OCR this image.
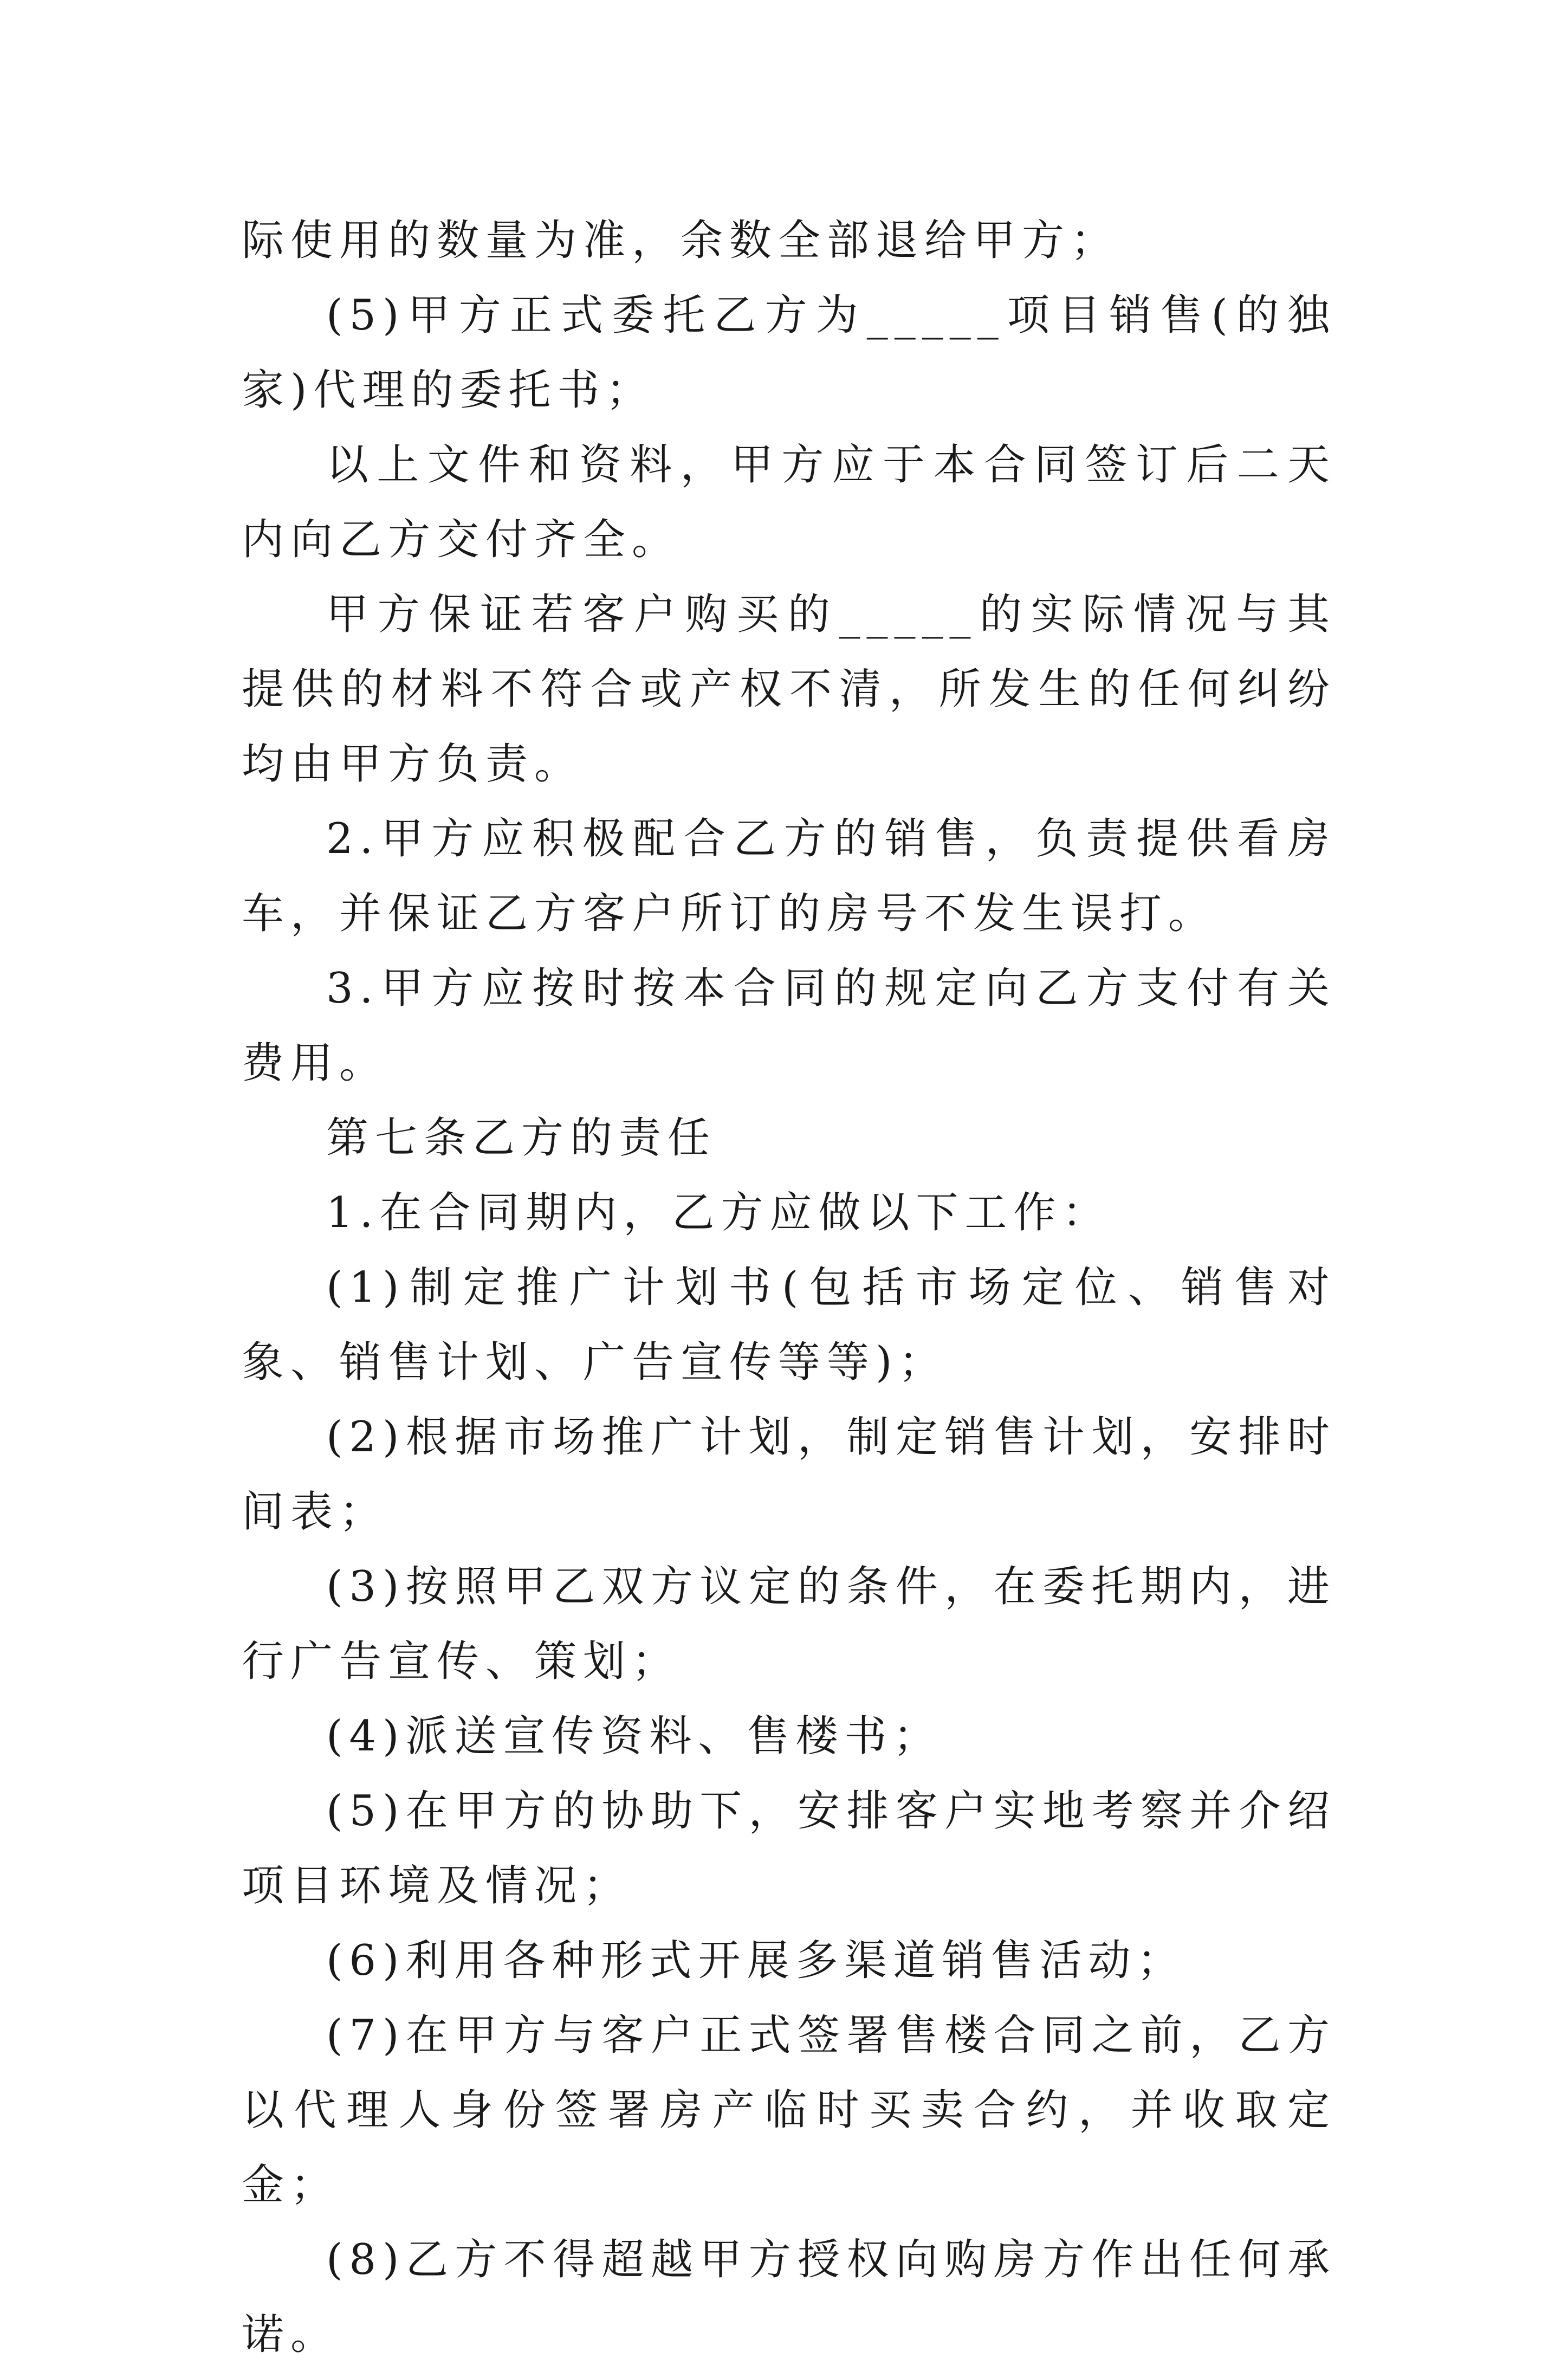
际使用的数量为准，余数全部退给甲方；

(5)甲方正式委托乙方为_____项目销售(的独家)代理的委托书；

以上文件和资料，甲方应于本合同签订后二天内向乙方交付齐全。

甲方保证若客户购买的_____的实际情况与其提供的材料不符合或产权不清，所发生的任何纠纷均由甲方负责。

2.甲方应积极配合乙方的销售，负责提供看房车，并保证乙方客户所订的房号不发生误打。

3.甲方应按时按本合同的规定向乙方支付有关费用。

第七条乙方的责任

1.在合同期内，乙方应做以下工作：

(1)制定推广计划书(包括市场定位、销售对象、销售计划、广告宣传等等)；

(2)根据市场推广计划，制定销售计划，安排时间表；

(3)按照甲乙双方议定的条件，在委托期内，进行广告宣传、策划；

(4)派送宣传资料、售楼书；

(5)在甲方的协助下，安排客户实地考察并介绍项目环境及情况；

(6)利用各种形式开展多渠道销售活动；

(7)在甲方与客户正式签署售楼合同之前，乙方以代理人身份签署房产临时买卖合约，并收取定金；

(8)乙方不得超越甲方授权向购房方作出任何承诺。
